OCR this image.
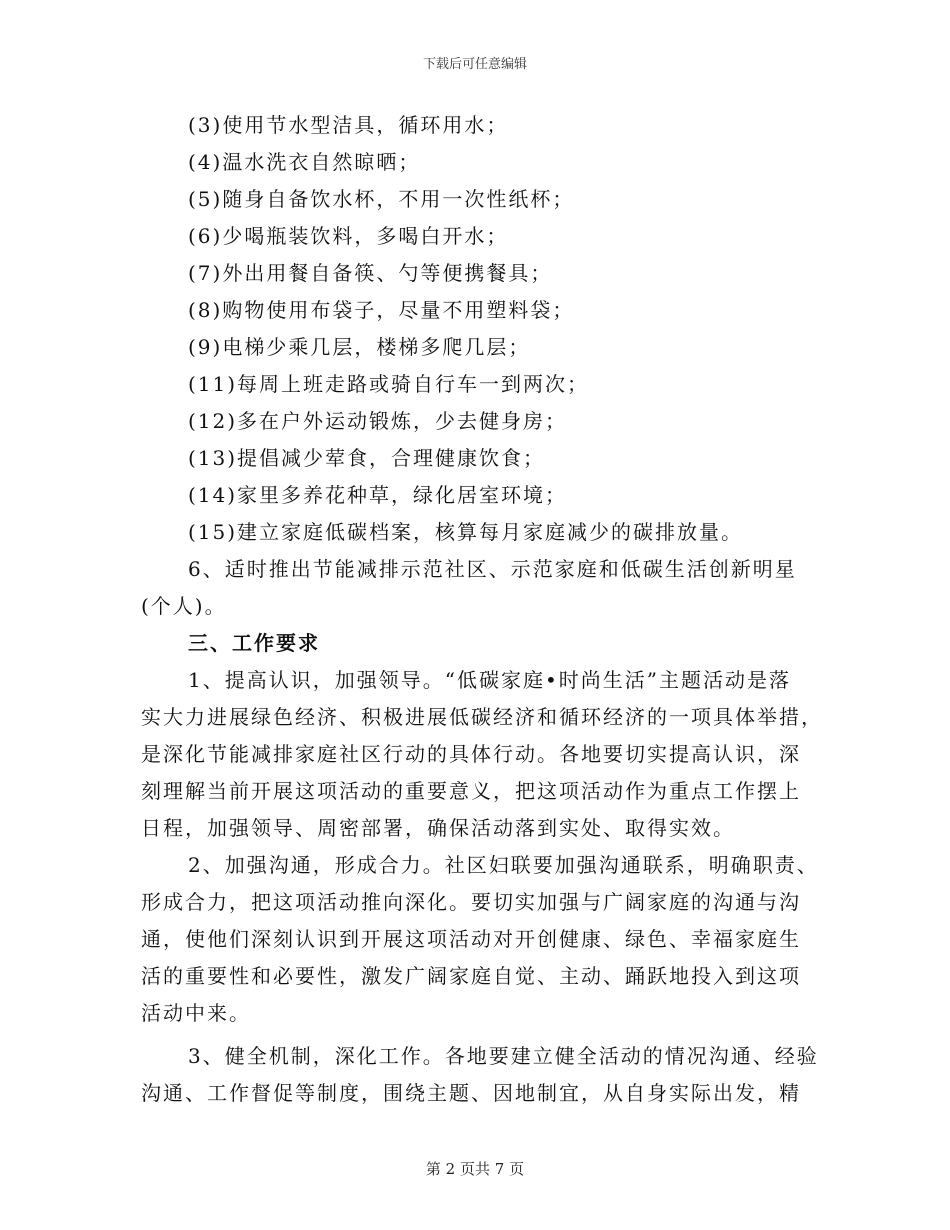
下载后可任意编辑
(3)使用节水型洁具，循环用水；
(4)温水洗衣自然晾晒；
(5)随身自备饮水杯，不用一次性纸杯；
(6)少喝瓶装饮料，多喝白开水；
(7)外出用餐自备筷、勺等便携餐具；
(8)购物使用布袋子，尽量不用塑料袋；
(9)电梯少乘几层，楼梯多爬几层；
(11)每周上班走路或骑自行车一到两次；
(12)多在户外运动锻炼，少去健身房；
(13)提倡减少荤食，合理健康饮食；
(14)家里多养花种草，绿化居室环境；
(15)建立家庭低碳档案，核算每月家庭减少的碳排放量。
6、适时推出节能减排示范社区、示范家庭和低碳生活创新明星
(个人)。
三、工作要求
1、提高认识，加强领导。“低碳家庭•时尚生活”主题活动是落
实大力进展绿色经济、积极进展低碳经济和循环经济的一项具体举措，
是深化节能减排家庭社区行动的具体行动。各地要切实提高认识，深
刻理解当前开展这项活动的重要意义，把这项活动作为重点工作摆上
日程，加强领导、周密部署，确保活动落到实处、取得实效。
2、加强沟通，形成合力。社区妇联要加强沟通联系，明确职责、
形成合力，把这项活动推向深化。要切实加强与广阔家庭的沟通与沟
通，使他们深刻认识到开展这项活动对开创健康、绿色、幸福家庭生
活的重要性和必要性，激发广阔家庭自觉、主动、踊跃地投入到这项
活动中来。
3、健全机制，深化工作。各地要建立健全活动的情况沟通、经验
沟通、工作督促等制度，围绕主题、因地制宜，从自身实际出发，精
第 2 页共 7 页
